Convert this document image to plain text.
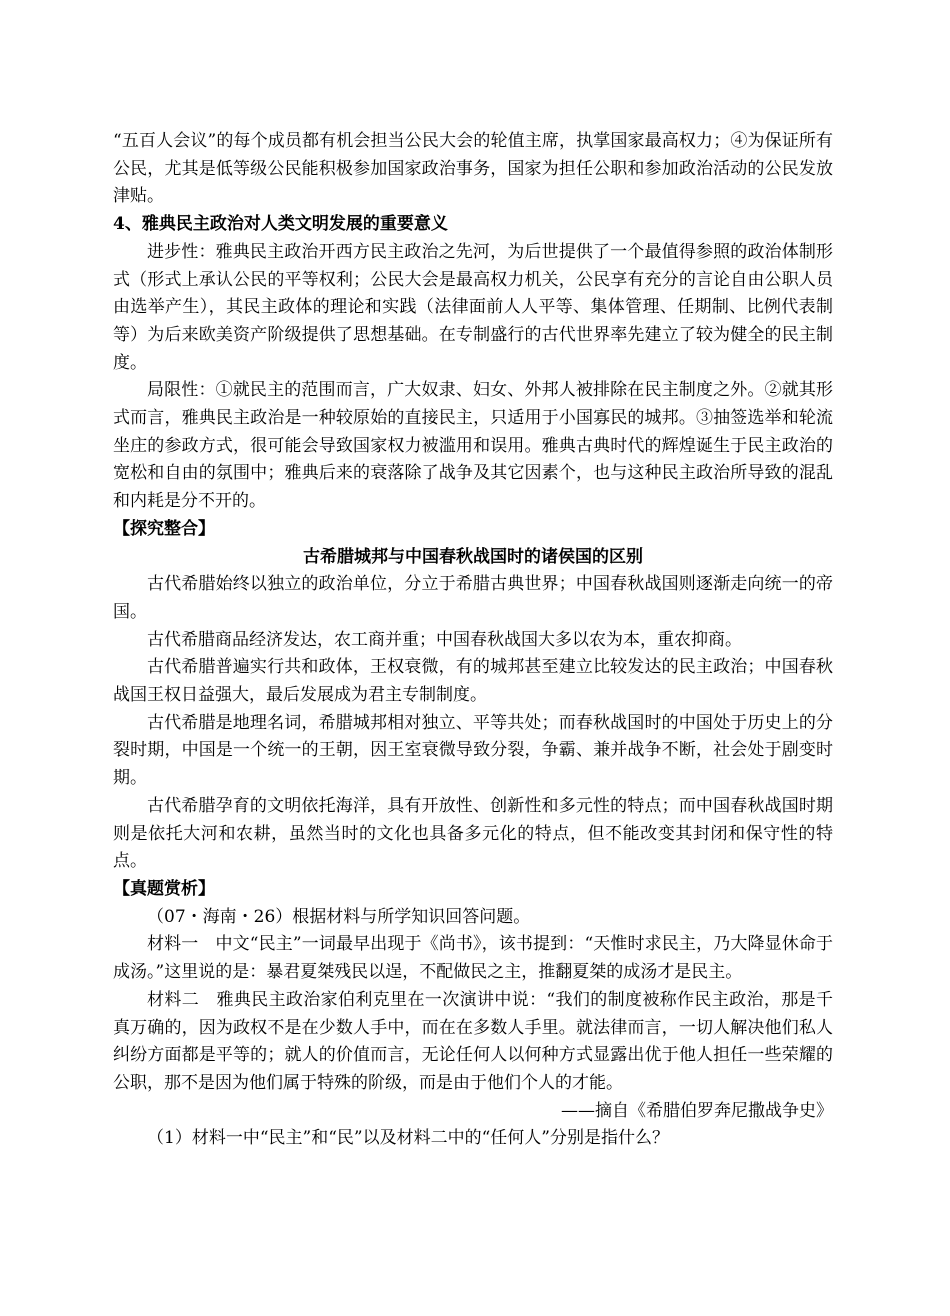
“五百人会议”的每个成员都有机会担当公民大会的轮值主席，执掌国家最高权力；④为保证所有公民，尤其是低等级公民能积极参加国家政治事务，国家为担任公职和参加政治活动的公民发放津贴。

4、雅典民主政治对人类文明发展的重要意义

进步性：雅典民主政治开西方民主政治之先河，为后世提供了一个最值得参照的政治体制形式（形式上承认公民的平等权利；公民大会是最高权力机关，公民享有充分的言论自由公职人员由选举产生），其民主政体的理论和实践（法律面前人人平等、集体管理、任期制、比例代表制等）为后来欧美资产阶级提供了思想基础。在专制盛行的古代世界率先建立了较为健全的民主制度。

局限性：①就民主的范围而言，广大奴隶、妇女、外邦人被排除在民主制度之外。②就其形式而言，雅典民主政治是一种较原始的直接民主，只适用于小国寡民的城邦。③抽签选举和轮流坐庄的参政方式，很可能会导致国家权力被滥用和误用。雅典古典时代的辉煌诞生于民主政治的宽松和自由的氛围中；雅典后来的衰落除了战争及其它因素个，也与这种民主政治所导致的混乱和内耗是分不开的。

【探究整合】

古希腊城邦与中国春秋战国时的诸侯国的区别

古代希腊始终以独立的政治单位，分立于希腊古典世界；中国春秋战国则逐渐走向统一的帝国。

古代希腊商品经济发达，农工商并重；中国春秋战国大多以农为本，重农抑商。

古代希腊普遍实行共和政体，王权衰微，有的城邦甚至建立比较发达的民主政治；中国春秋战国王权日益强大，最后发展成为君主专制制度。

古代希腊是地理名词，希腊城邦相对独立、平等共处；而春秋战国时的中国处于历史上的分裂时期，中国是一个统一的王朝，因王室衰微导致分裂，争霸、兼并战争不断，社会处于剧变时期。

古代希腊孕育的文明依托海洋，具有开放性、创新性和多元性的特点；而中国春秋战国时期则是依托大河和农耕，虽然当时的文化也具备多元化的特点，但不能改变其封闭和保守性的特点。

【真题赏析】

（07・海南・26）根据材料与所学知识回答问题。

材料一　中文“民主”一词最早出现于《尚书》，该书提到：“天惟时求民主，乃大降显休命于成汤。”这里说的是：暴君夏桀残民以逞，不配做民之主，推翻夏桀的成汤才是民主。

材料二　雅典民主政治家伯利克里在一次演讲中说：“我们的制度被称作民主政治，那是千真万确的，因为政权不是在少数人手中，而在在多数人手里。就法律而言，一切人解决他们私人纠纷方面都是平等的；就人的价值而言，无论任何人以何种方式显露出优于他人担任一些荣耀的公职，那不是因为他们属于特殊的阶级，而是由于他们个人的才能。

——摘自《希腊伯罗奔尼撒战争史》

（1）材料一中“民主”和“民”以及材料二中的“任何人”分别是指什么？
